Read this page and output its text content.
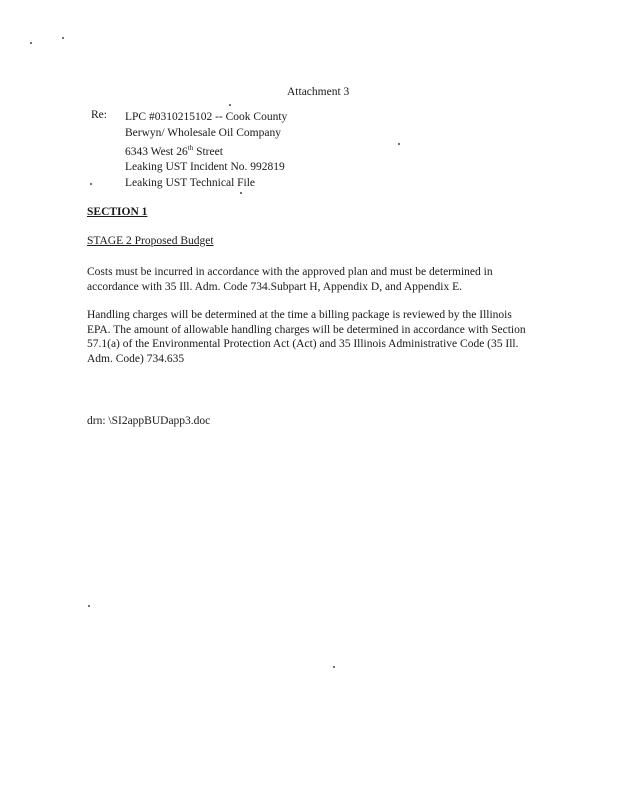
Attachment 3
Re: LPC #0310215102 -- Cook County
Berwyn/ Wholesale Oil Company
6343 West 26th Street
Leaking UST Incident No. 992819
Leaking UST Technical File
SECTION 1
STAGE 2 Proposed Budget
Costs must be incurred in accordance with the approved plan and must be determined in
accordance with 35 Ill. Adm. Code 734.Subpart H, Appendix D, and Appendix E.
Handling charges will be determined at the time a billing package is reviewed by the Illinois
EPA. The amount of allowable handling charges will be determined in accordance with Section
57.1(a) of the Environmental Protection Act (Act) and 35 Illinois Administrative Code (35 Ill.
Adm. Code) 734.635
drn: \SI2appBUDapp3.doc
